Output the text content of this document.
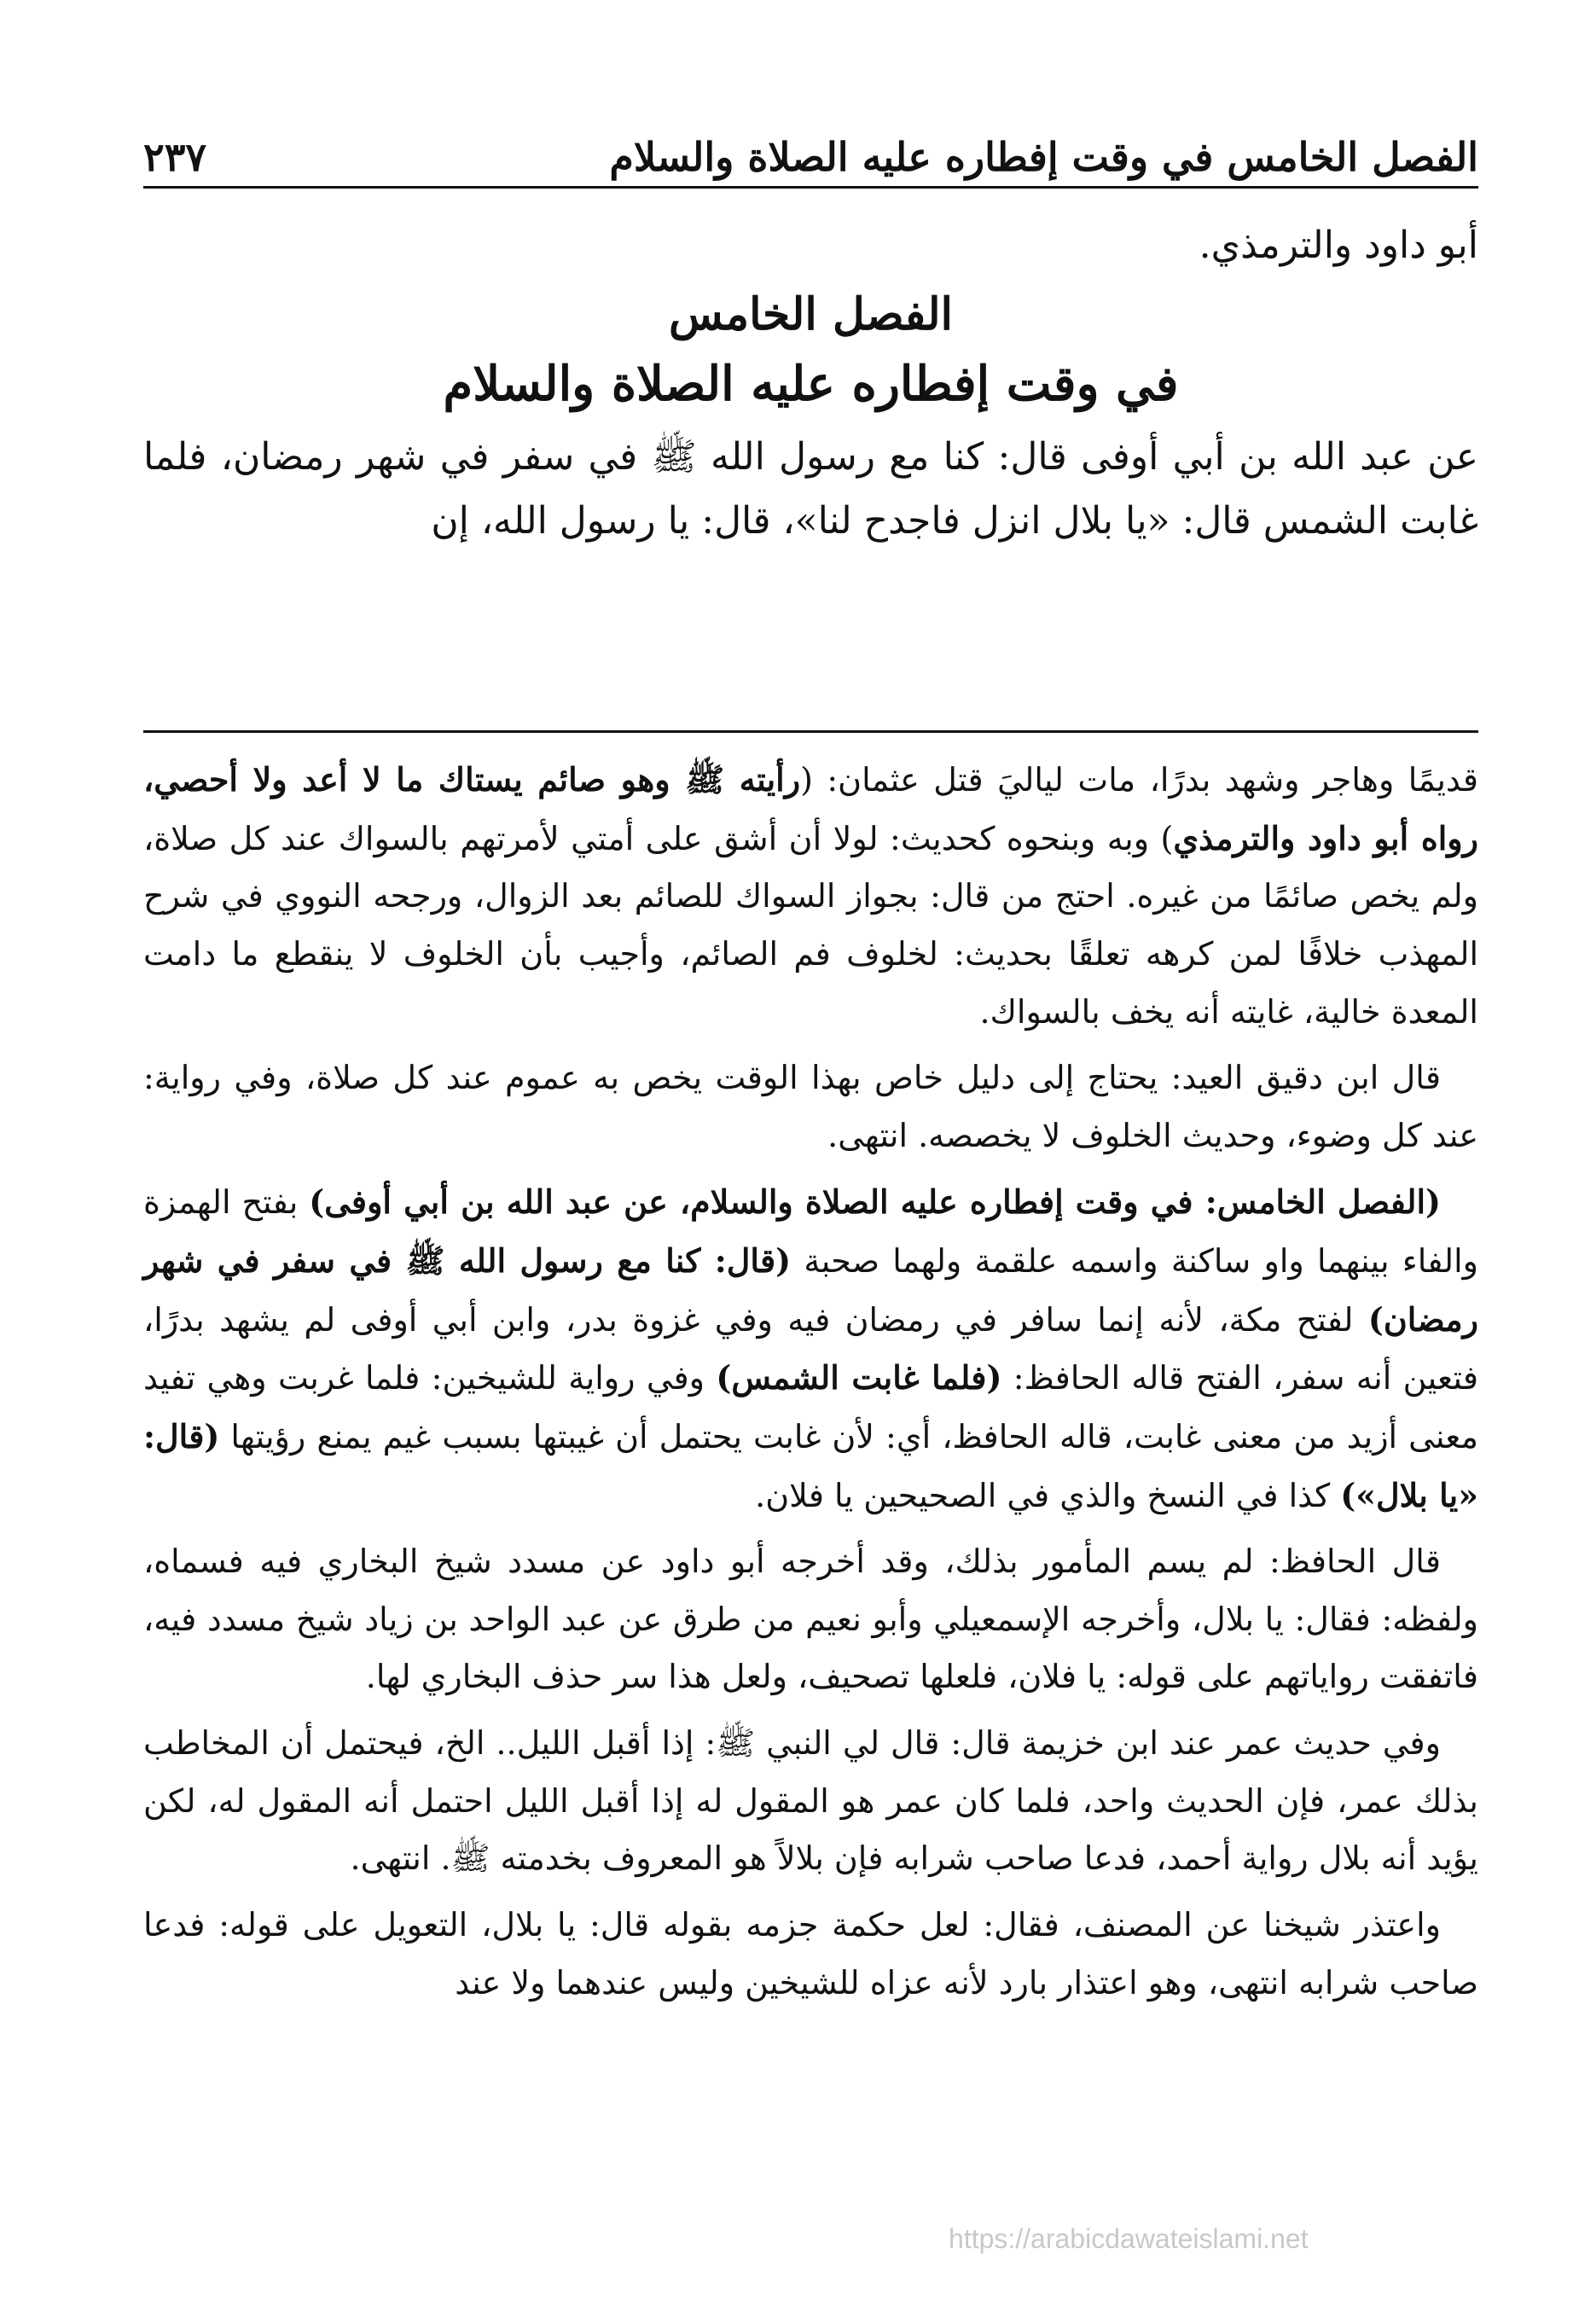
الفصل الخامس في وقت إفطاره عليه الصلاة والسلام
٢٣٧

أبو داود والترمذي.

الفصل الخامس
في وقت إفطاره عليه الصلاة والسلام

عن عبد الله بن أبي أوفى قال: كنا مع رسول الله ﷺ في سفر في شهر رمضان، فلما غابت الشمس قال: «يا بلال انزل فاجدح لنا»، قال: يا رسول الله، إن

قديمًا وهاجر وشهد بدرًا، مات لياليَ قتل عثمان: (رأيته ﷺ وهو صائم يستاك ما لا أعد ولا أحصي، رواه أبو داود والترمذي) وبه وبنحوه كحديث: لولا أن أشق على أمتي لأمرتهم بالسواك عند كل صلاة، ولم يخص صائمًا من غيره. احتج من قال: بجواز السواك للصائم بعد الزوال، ورجحه النووي في شرح المهذب خلافًا لمن كرهه تعلقًا بحديث: لخلوف فم الصائم، وأجيب بأن الخلوف لا ينقطع ما دامت المعدة خالية، غايته أنه يخف بالسواك.

قال ابن دقيق العيد: يحتاج إلى دليل خاص بهذا الوقت يخص به عموم عند كل صلاة، وفي رواية: عند كل وضوء، وحديث الخلوف لا يخصصه. انتهى.

(الفصل الخامس: في وقت إفطاره عليه الصلاة والسلام، عن عبد الله بن أبي أوفى) بفتح الهمزة والفاء بينهما واو ساكنة واسمه علقمة ولهما صحبة (قال: كنا مع رسول الله ﷺ في سفر في شهر رمضان) لفتح مكة، لأنه إنما سافر في رمضان فيه وفي غزوة بدر، وابن أبي أوفى لم يشهد بدرًا، فتعين أنه سفر، الفتح قاله الحافظ: (فلما غابت الشمس) وفي رواية للشيخين: فلما غربت وهي تفيد معنى أزيد من معنى غابت، قاله الحافظ، أي: لأن غابت يحتمل أن غيبتها بسبب غيم يمنع رؤيتها (قال: «يا بلال») كذا في النسخ والذي في الصحيحين يا فلان.

قال الحافظ: لم يسم المأمور بذلك، وقد أخرجه أبو داود عن مسدد شيخ البخاري فيه فسماه، ولفظه: فقال: يا بلال، وأخرجه الإسمعيلي وأبو نعيم من طرق عن عبد الواحد بن زياد شيخ مسدد فيه، فاتفقت رواياتهم على قوله: يا فلان، فلعلها تصحيف، ولعل هذا سر حذف البخاري لها.

وفي حديث عمر عند ابن خزيمة قال: قال لي النبي ﷺ: إذا أقبل الليل.. الخ، فيحتمل أن المخاطب بذلك عمر، فإن الحديث واحد، فلما كان عمر هو المقول له إذا أقبل الليل احتمل أنه المقول له، لكن يؤيد أنه بلال رواية أحمد، فدعا صاحب شرابه فإن بلالاً هو المعروف بخدمته ﷺ. انتهى.

واعتذر شيخنا عن المصنف، فقال: لعل حكمة جزمه بقوله قال: يا بلال، التعويل على قوله: فدعا صاحب شرابه انتهى، وهو اعتذار بارد لأنه عزاه للشيخين وليس عندهما ولا عند

https://arabicdawateislami.net
